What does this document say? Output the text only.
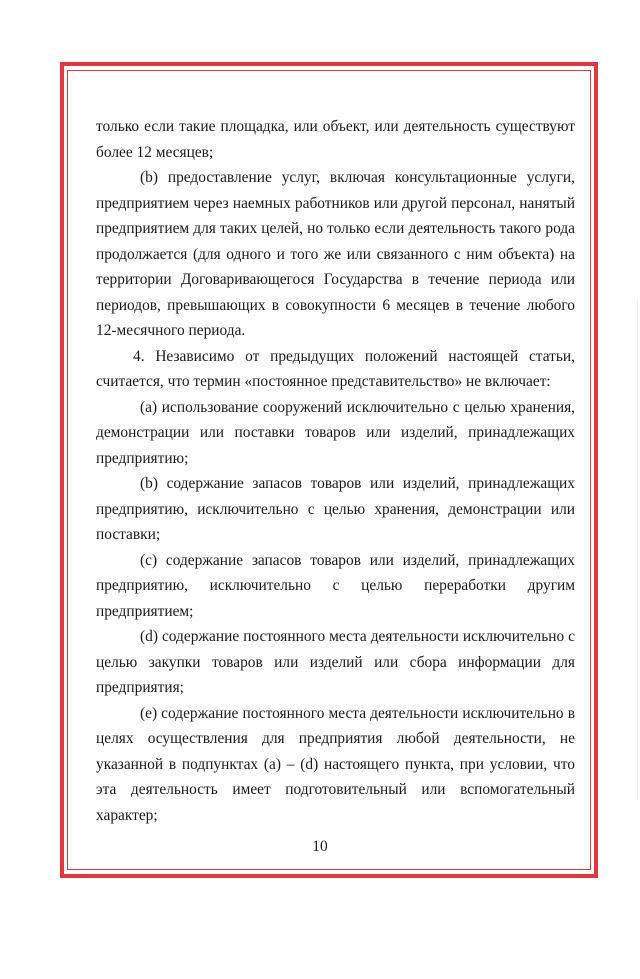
только если такие площадка, или объект, или деятельность существуют более 12 месяцев;

(b) предоставление услуг, включая консультационные услуги, предприятием через наемных работников или другой персонал, нанятый предприятием для таких целей, но только если деятельность такого рода продолжается (для одного и того же или связанного с ним объекта) на территории Договаривающегося Государства в течение периода или периодов, превышающих в совокупности 6 месяцев в течение любого 12-месячного периода.

4. Независимо от предыдущих положений настоящей статьи, считается, что термин «постоянное представительство» не включает:

(a) использование сооружений исключительно с целью хранения, демонстрации или поставки товаров или изделий, принадлежащих предприятию;

(b) содержание запасов товаров или изделий, принадлежащих предприятию, исключительно с целью хранения, демонстрации или поставки;

(c) содержание запасов товаров или изделий, принадлежащих предприятию, исключительно с целью переработки другим предприятием;

(d) содержание постоянного места деятельности исключительно с целью закупки товаров или изделий или сбора информации для предприятия;

(e) содержание постоянного места деятельности исключительно в целях осуществления для предприятия любой деятельности, не указанной в подпунктах (a) – (d) настоящего пункта, при условии, что эта деятельность имеет подготовительный или вспомогательный характер;

10
